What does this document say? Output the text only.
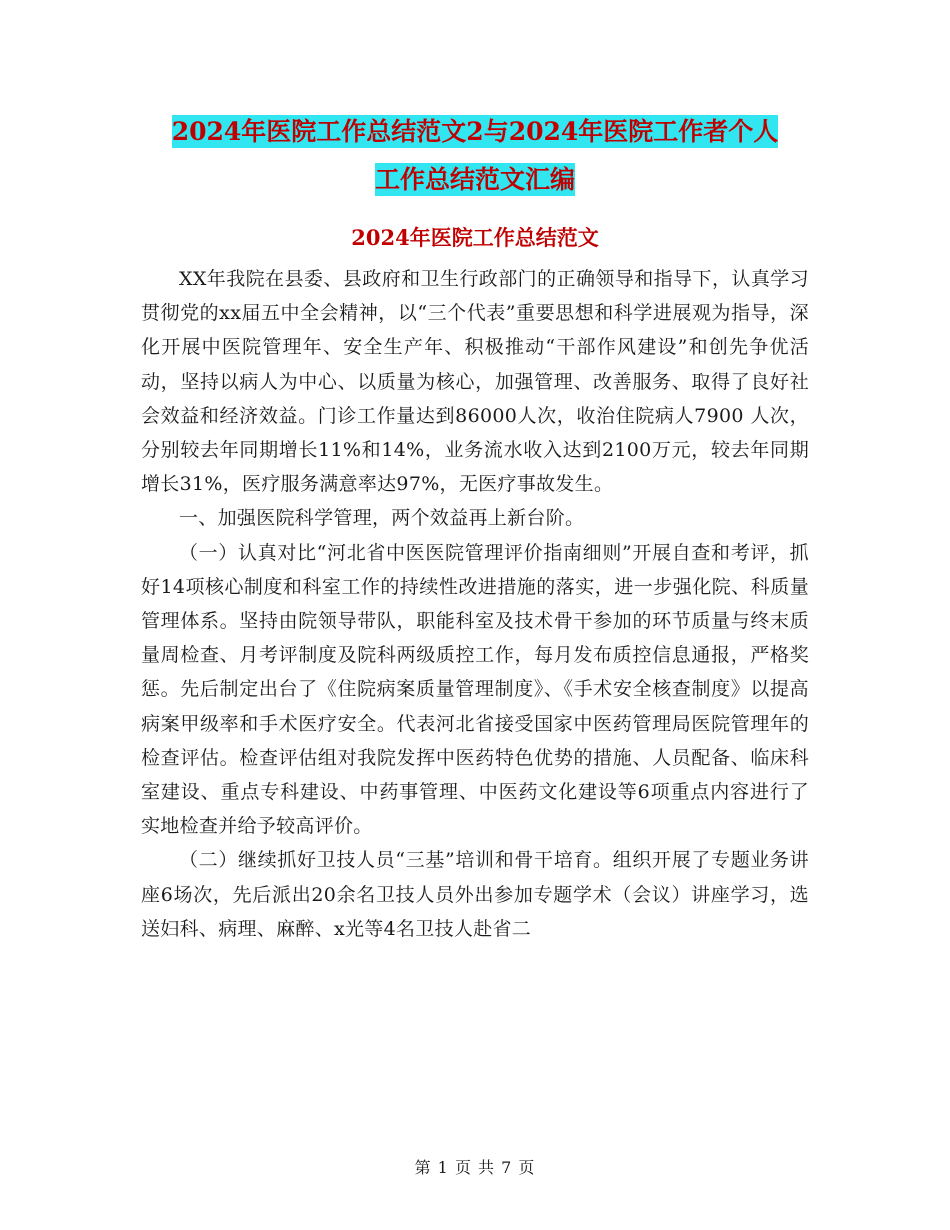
2024年医院工作总结范文2与2024年医院工作者个人
工作总结范文汇编
2024年医院工作总结范文

XX年我院在县委、县政府和卫生行政部门的正确领导和指导下，认真学习贯彻党的xx届五中全会精神，以“三个代表”重要思想和科学进展观为指导，深化开展中医院管理年、安全生产年、积极推动“干部作风建设”和创先争优活动，坚持以病人为中心、以质量为核心，加强管理、改善服务、取得了良好社会效益和经济效益。门诊工作量达到86000人次，收治住院病人7900 人次，分别较去年同期增长11%和14%，业务流水收入达到2100万元，较去年同期增长31%，医疗服务满意率达97%，无医疗事故发生。

一、加强医院科学管理，两个效益再上新台阶。

（一）认真对比“河北省中医医院管理评价指南细则”开展自查和考评，抓好14项核心制度和科室工作的持续性改进措施的落实，进一步强化院、科质量管理体系。坚持由院领导带队，职能科室及技术骨干参加的环节质量与终末质量周检查、月考评制度及院科两级质控工作，每月发布质控信息通报，严格奖惩。先后制定出台了《住院病案质量管理制度》、《手术安全核查制度》以提高病案甲级率和手术医疗安全。代表河北省接受国家中医药管理局医院管理年的检查评估。检查评估组对我院发挥中医药特色优势的措施、人员配备、临床科室建设、重点专科建设、中药事管理、中医药文化建设等6项重点内容进行了实地检查并给予较高评价。

（二）继续抓好卫技人员“三基”培训和骨干培育。组织开展了专题业务讲座6场次，先后派出20余名卫技人员外出参加专题学术（会议）讲座学习，选送妇科、病理、麻醉、x光等4名卫技人赴省二

第 1 页 共 7 页
